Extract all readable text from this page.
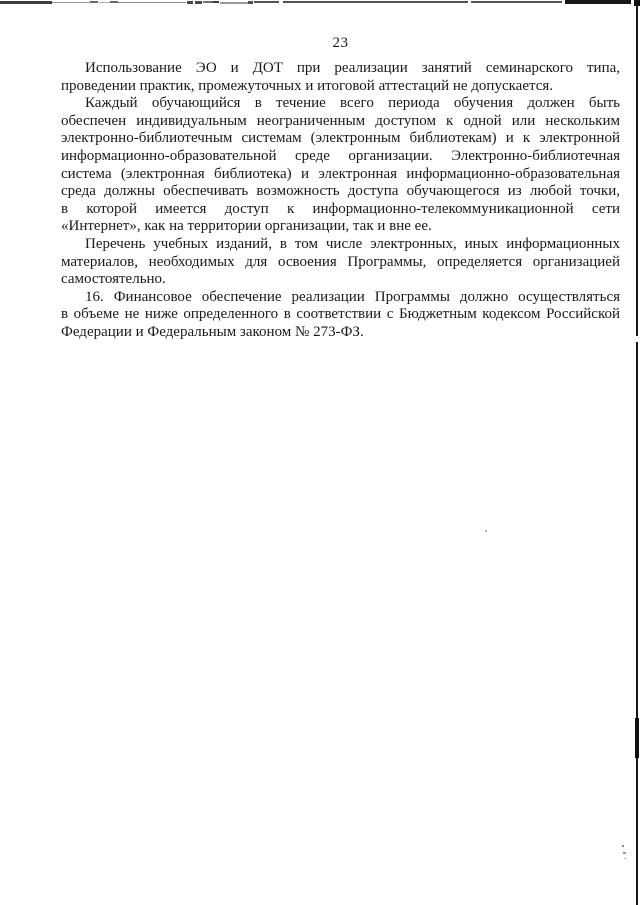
23
Использование ЭО и ДОТ при реализации занятий семинарского типа,
проведении практик, промежуточных и итоговой аттестаций не допускается.
Каждый обучающийся в течение всего периода обучения должен быть
обеспечен индивидуальным неограниченным доступом к одной или нескольким
электронно-библиотечным системам (электронным библиотекам) и к электронной
информационно-образовательной среде организации. Электронно-библиотечная
система (электронная библиотека) и электронная информационно-образовательная
среда должны обеспечивать возможность доступа обучающегося из любой точки,
в которой имеется доступ к информационно-телекоммуникационной сети
«Интернет», как на территории организации, так и вне ее.
Перечень учебных изданий, в том числе электронных, иных информационных
материалов, необходимых для освоения Программы, определяется организацией
самостоятельно.
16. Финансовое обеспечение реализации Программы должно осуществляться
в объеме не ниже определенного в соответствии с Бюджетным кодексом Российской
Федерации и Федеральным законом № 273-ФЗ.
